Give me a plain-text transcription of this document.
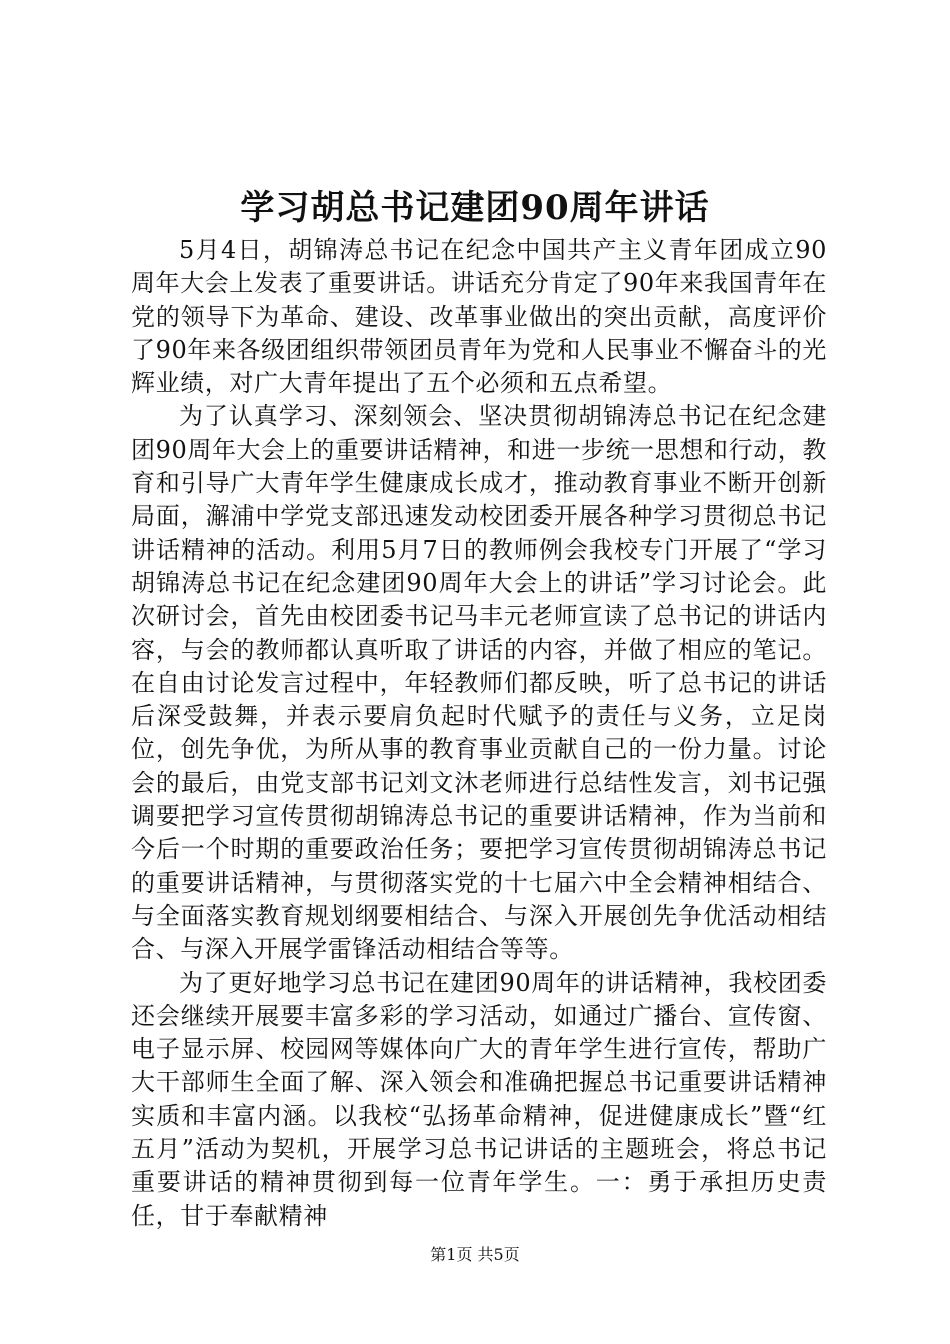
学习胡总书记建团90周年讲话

5月4日，胡锦涛总书记在纪念中国共产主义青年团成立90周年大会上发表了重要讲话。讲话充分肯定了90年来我国青年在党的领导下为革命、建设、改革事业做出的突出贡献，高度评价了90年来各级团组织带领团员青年为党和人民事业不懈奋斗的光辉业绩，对广大青年提出了五个必须和五点希望。

为了认真学习、深刻领会、坚决贯彻胡锦涛总书记在纪念建团90周年大会上的重要讲话精神，和进一步统一思想和行动，教育和引导广大青年学生健康成长成才，推动教育事业不断开创新局面，澥浦中学党支部迅速发动校团委开展各种学习贯彻总书记讲话精神的活动。利用5月7日的教师例会我校专门开展了“学习胡锦涛总书记在纪念建团90周年大会上的讲话”学习讨论会。此次研讨会，首先由校团委书记马丰元老师宣读了总书记的讲话内容，与会的教师都认真听取了讲话的内容，并做了相应的笔记。在自由讨论发言过程中，年轻教师们都反映，听了总书记的讲话后深受鼓舞，并表示要肩负起时代赋予的责任与义务，立足岗位，创先争优，为所从事的教育事业贡献自己的一份力量。讨论会的最后，由党支部书记刘文沐老师进行总结性发言，刘书记强调要把学习宣传贯彻胡锦涛总书记的重要讲话精神，作为当前和今后一个时期的重要政治任务；要把学习宣传贯彻胡锦涛总书记的重要讲话精神，与贯彻落实党的十七届六中全会精神相结合、与全面落实教育规划纲要相结合、与深入开展创先争优活动相结合、与深入开展学雷锋活动相结合等等。

为了更好地学习总书记在建团90周年的讲话精神，我校团委还会继续开展要丰富多彩的学习活动，如通过广播台、宣传窗、电子显示屏、校园网等媒体向广大的青年学生进行宣传，帮助广大干部师生全面了解、深入领会和准确把握总书记重要讲话精神实质和丰富内涵。以我校“弘扬革命精神，促进健康成长”暨“红五月”活动为契机，开展学习总书记讲话的主题班会，将总书记重要讲话的精神贯彻到每一位青年学生。一：勇于承担历史责任，甘于奉献精神

第1页 共5页
